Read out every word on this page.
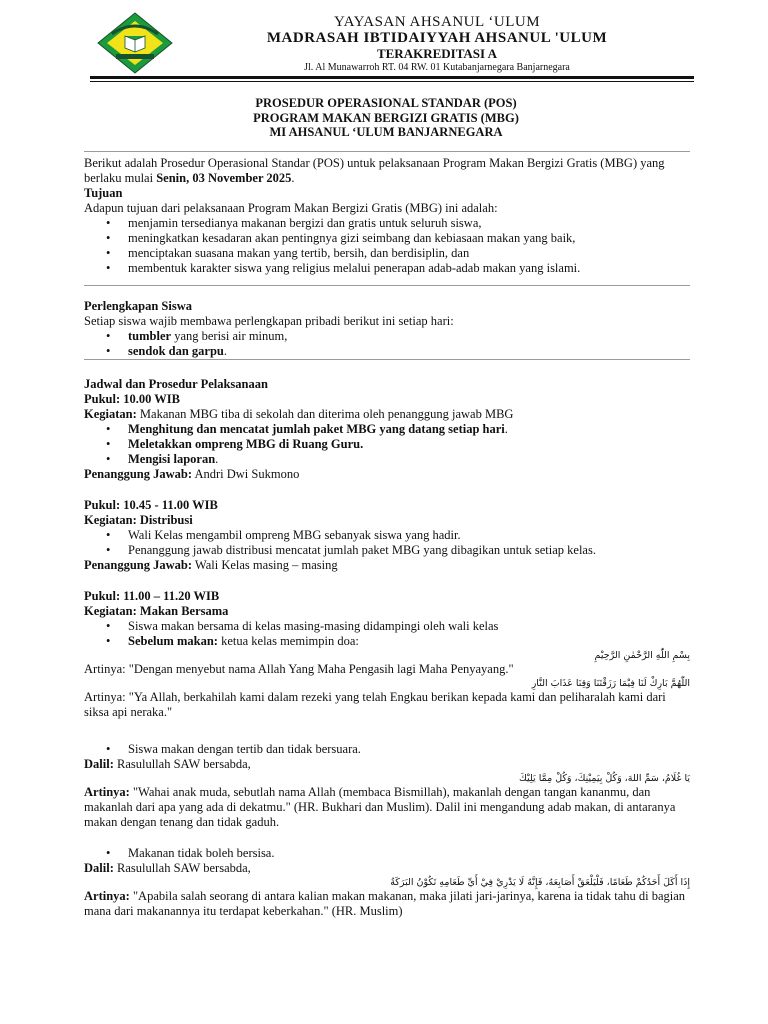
YAYASAN AHSANUL ‘ULUM
MADRASAH IBTIDAIYYAH AHSANUL 'ULUM
TERAKREDITASI A
Jl. Al Munawarroh RT. 04 RW. 01 Kutabanjarnegara Banjarnegara
PROSEDUR OPERASIONAL STANDAR (POS)
PROGRAM MAKAN BERGIZI GRATIS (MBG)
MI AHSANUL ‘ULUM BANJARNEGARA

Berikut adalah Prosedur Operasional Standar (POS) untuk pelaksanaan Program Makan Bergizi Gratis (MBG) yang berlaku mulai Senin, 03 November 2025.

Tujuan

Adapun tujuan dari pelaksanaan Program Makan Bergizi Gratis (MBG) ini adalah:

• menjamin tersedianya makanan bergizi dan gratis untuk seluruh siswa,
• meningkatkan kesadaran akan pentingnya gizi seimbang dan kebiasaan makan yang baik,
• menciptakan suasana makan yang tertib, bersih, dan berdisiplin, dan
• membentuk karakter siswa yang religius melalui penerapan adab-adab makan yang islami.

Perlengkapan Siswa

Setiap siswa wajib membawa perlengkapan pribadi berikut ini setiap hari:

• tumbler yang berisi air minum,
• sendok dan garpu.

Jadwal dan Prosedur Pelaksanaan

Pukul: 10.00 WIB

Kegiatan: Makanan MBG tiba di sekolah dan diterima oleh penanggung jawab MBG

• Menghitung dan mencatat jumlah paket MBG yang datang setiap hari.
• Meletakkan ompreng MBG di Ruang Guru.
• Mengisi laporan.

Penanggung Jawab: Andri Dwi Sukmono

Pukul: 10.45 - 11.00 WIB

Kegiatan: Distribusi

• Wali Kelas mengambil ompreng MBG sebanyak siswa yang hadir.
• Penanggung jawab distribusi mencatat jumlah paket MBG yang dibagikan untuk setiap kelas.

Penanggung Jawab: Wali Kelas masing – masing

Pukul: 11.00 – 11.20 WIB

Kegiatan: Makan Bersama

• Siswa makan bersama di kelas masing-masing didampingi oleh wali kelas
• Sebelum makan: ketua kelas memimpin doa:

بِسْمِ اللّٰهِ الرَّحْمٰنِ الرَّحِيْمِ

Artinya: "Dengan menyebut nama Allah Yang Maha Pengasih lagi Maha Penyayang."

اللّٰهُمَّ بَارِكْ لَنَا فِيْمَا رَزَقْتَنَا وَقِنَا عَذَابَ النَّارِ

Artinya: "Ya Allah, berkahilah kami dalam rezeki yang telah Engkau berikan kepada kami dan peliharalah kami dari siksa api neraka."

• Siswa makan dengan tertib dan tidak bersuara.

Dalil: Rasulullah SAW bersabda,

يَا غُلَامُ، سَمِّ اللهَ، وَكُلْ بِيَمِيْنِكَ، وَكُلْ مِمَّا يَلِيْكَ

Artinya: "Wahai anak muda, sebutlah nama Allah (membaca Bismillah), makanlah dengan tangan kananmu, dan makanlah dari apa yang ada di dekatmu." (HR. Bukhari dan Muslim). Dalil ini mengandung adab makan, di antaranya makan dengan tenang dan tidak gaduh.

• Makanan tidak boleh bersisa.

Dalil: Rasulullah SAW bersabda,

إِذَا أَكَلَ أَحَدُكُمْ طَعَامًا، فَلْيَلْعَقْ أَصَابِعَهُ، فَإِنَّهُ لَا يَدْرِيْ فِيْ أَيِّ طَعَامِهِ تَكُوْنُ البَرَكَةُ

Artinya: "Apabila salah seorang di antara kalian makan makanan, maka jilati jari-jarinya, karena ia tidak tahu di bagian mana dari makanannya itu terdapat keberkahan." (HR. Muslim)
